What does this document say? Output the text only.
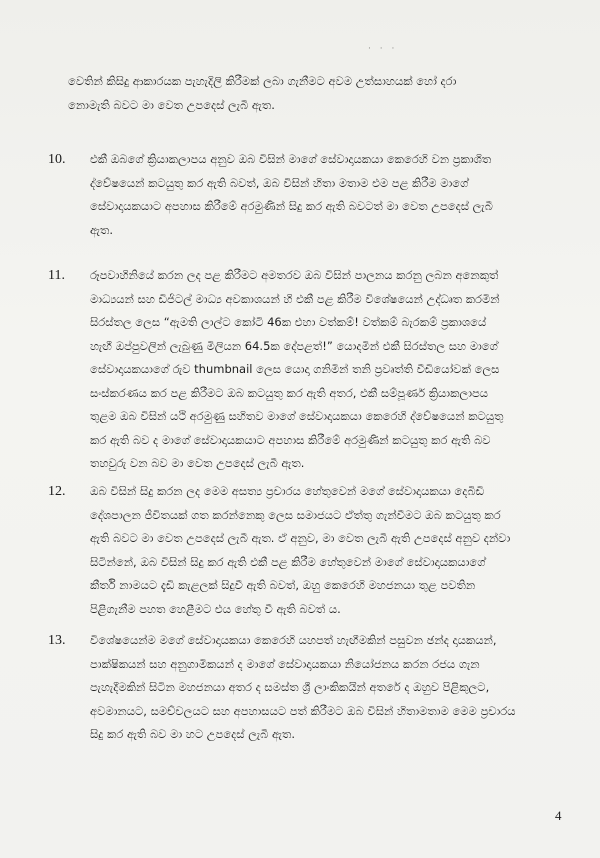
· · ·
වෙතින් කිසිදු ආකාරයක පැහැදිලි කිරීමක් ලබා ගැනීමට අවම උත්සාහයක් හෝ දරා
නොමැති බවට මා වෙත උපදෙස් ලැබී ඇත.
10. එකී ඔබගේ ක්‍රියාකලාපය අනුව ඔබ විසින් මාගේ සේවාදායකයා කෙරෙහි වන ප්‍රකාශිත
ද්වේෂයෙන් කටයුතු කර ඇති බවත්, ඔබ විසින් හිතා මතාම එම පළ කිරීම මාගේ
සේවාදායකයාට අපහාස කිරීමේ අරමුණින් සිදු කර ඇති බවටත් මා වෙත උපදෙස් ලැබී
ඇත.
11. රූපවාහිනියේ කරන ලද පළ කිරීමට අමතරව ඔබ විසින් පාලනය කරනු ලබන අනෙකුත්
මාධ්‍යයන් සහ ඩිජිටල් මාධ්‍ය අවකාශයන් හි එකී පළ කිරීම විශේෂයෙන් උද්ධෘත කරමින්
සිරස්තල ලෙස “ඇමති ලාල්ට කෝටි 46ක එහා වත්කම්! වත්කම් බැරකම් ප්‍රකාශයේ
හැඟී ඔප්පුවලින් ලැබුණු මිලියන 64.5ක දේපළත්!” යොදමින් එකී සිරස්තල සහ මාගේ
සේවාදායකයාගේ රුව thumbnail ලෙස යොදා ගනිමින් තනි ප්‍රවෘත්ති වීඩියෝවක් ලෙස
සංස්කරණය කර පළ කිරීමට ඔබ කටයුතු කර ඇති අතර, එකී සම්පූර්ණ ක්‍රියාකලාපය
තුළම ඔබ විසින් යථි අරමුණු සහිතව මාගේ සේවාදායකයා කෙරෙහි ද්වේෂයෙන් කටයුතු
කර ඇති බව ද මාගේ සේවාදායකයාට අපහාස කිරීමේ අරමුණින් කටයුතු කර ඇති බව
තහවුරු වන බව මා වෙත උපදෙස් ලැබී ඇත.
12. ඔබ විසින් සිදු කරන ලද මෙම අසත්‍ය ප්‍රචාරය හේතුවෙන් මගේ සේවාදායකයා දෙබිඩි
දේශපාලන ජීවිතයක් ගත කරන්නෙකු ලෙස සමාජයට ඒත්තු ගැන්වීමට ඔබ කටයුතු කර
ඇති බවට මා වෙත උපදෙස් ලැබී ඇත. ඒ අනුව, මා වෙත ලැබී ඇති උපදෙස් අනුව දන්වා
සිටින්නේ, ඔබ විසින් සිදු කර ඇති එකී පළ කිරීම හේතුවෙන් මාගේ සේවාදායකයාගේ
කීර්ති නාමයට දැඩි කැළලක් සිදුවී ඇති බවත්, ඔහු කෙරෙහි මහජනයා තුළ පවතින
පිළිගැනීම පහත හෙළීමට එය හේතු වී ඇති බවත් ය.
13. විශේෂයෙන්ම මගේ සේවාදායකයා කෙරෙහි යහපත් හැඟීමකින් පසුවන ඡන්ද දායකයන්,
පාක්ෂිකයන් සහ අනුගාමිකයන් ද මාගේ සේවාදායකයා නියෝජනය කරන රජය ගැන
පැහැදීමකින් සිටින මහජනයා අතර ද සමස්ත ශ්‍රී ලාංකිකයින් අතරේ ද ඔහුව පිළිකුලට,
අවමානයට, සමච්චලයට සහ අපහාසයට පත් කිරීමට ඔබ විසින් හිතාමතාම මෙම ප්‍රචාරය
සිදු කර ඇති බව මා හට උපදෙස් ලැබී ඇත.
4
